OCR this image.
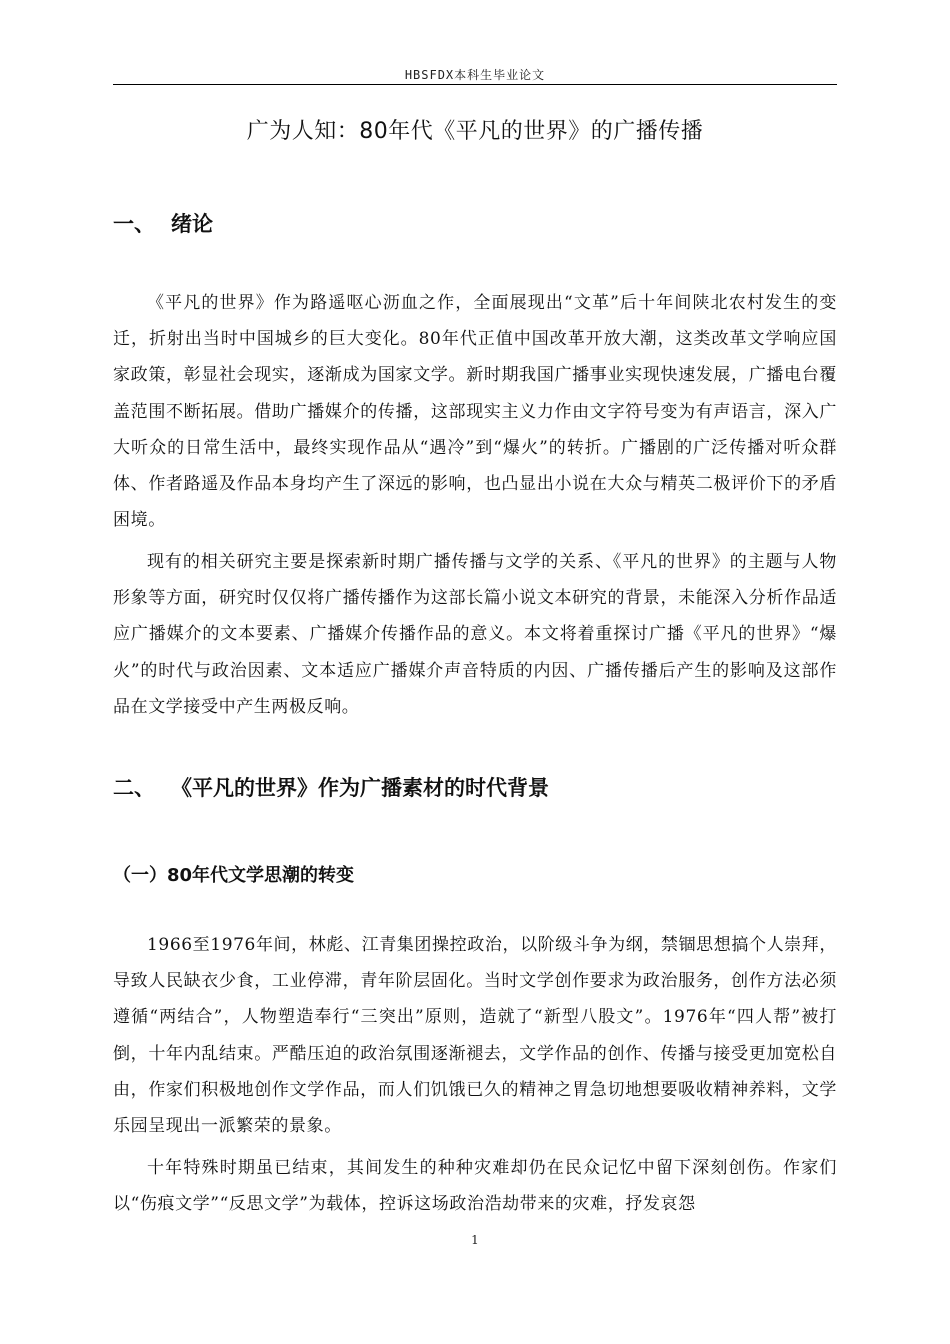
HBSFDX本科生毕业论文
广为人知：80年代《平凡的世界》的广播传播
一、 绪论

《平凡的世界》作为路遥呕心沥血之作，全面展现出“文革”后十年间陕北农村发生的变迁，折射出当时中国城乡的巨大变化。80年代正值中国改革开放大潮，这类改革文学响应国家政策，彰显社会现实，逐渐成为国家文学。新时期我国广播事业实现快速发展，广播电台覆盖范围不断拓展。借助广播媒介的传播，这部现实主义力作由文字符号变为有声语言，深入广大听众的日常生活中，最终实现作品从“遇冷”到“爆火”的转折。广播剧的广泛传播对听众群体、作者路遥及作品本身均产生了深远的影响，也凸显出小说在大众与精英二极评价下的矛盾困境。

现有的相关研究主要是探索新时期广播传播与文学的关系、《平凡的世界》的主题与人物形象等方面，研究时仅仅将广播传播作为这部长篇小说文本研究的背景，未能深入分析作品适应广播媒介的文本要素、广播媒介传播作品的意义。本文将着重探讨广播《平凡的世界》“爆火”的时代与政治因素、文本适应广播媒介声音特质的内因、广播传播后产生的影响及这部作品在文学接受中产生两极反响。

二、 《平凡的世界》作为广播素材的时代背景
（一）80年代文学思潮的转变

1966至1976年间，林彪、江青集团操控政治，以阶级斗争为纲，禁锢思想搞个人崇拜，导致人民缺衣少食，工业停滞，青年阶层固化。当时文学创作要求为政治服务，创作方法必须遵循“两结合”，人物塑造奉行“三突出”原则，造就了“新型八股文”。1976年“四人帮”被打倒，十年内乱结束。严酷压迫的政治氛围逐渐褪去，文学作品的创作、传播与接受更加宽松自由，作家们积极地创作文学作品，而人们饥饿已久的精神之胃急切地想要吸收精神养料，文学乐园呈现出一派繁荣的景象。

十年特殊时期虽已结束，其间发生的种种灾难却仍在民众记忆中留下深刻创伤。作家们以“伤痕文学”“反思文学”为载体，控诉这场政治浩劫带来的灾难，抒发哀怨

1
